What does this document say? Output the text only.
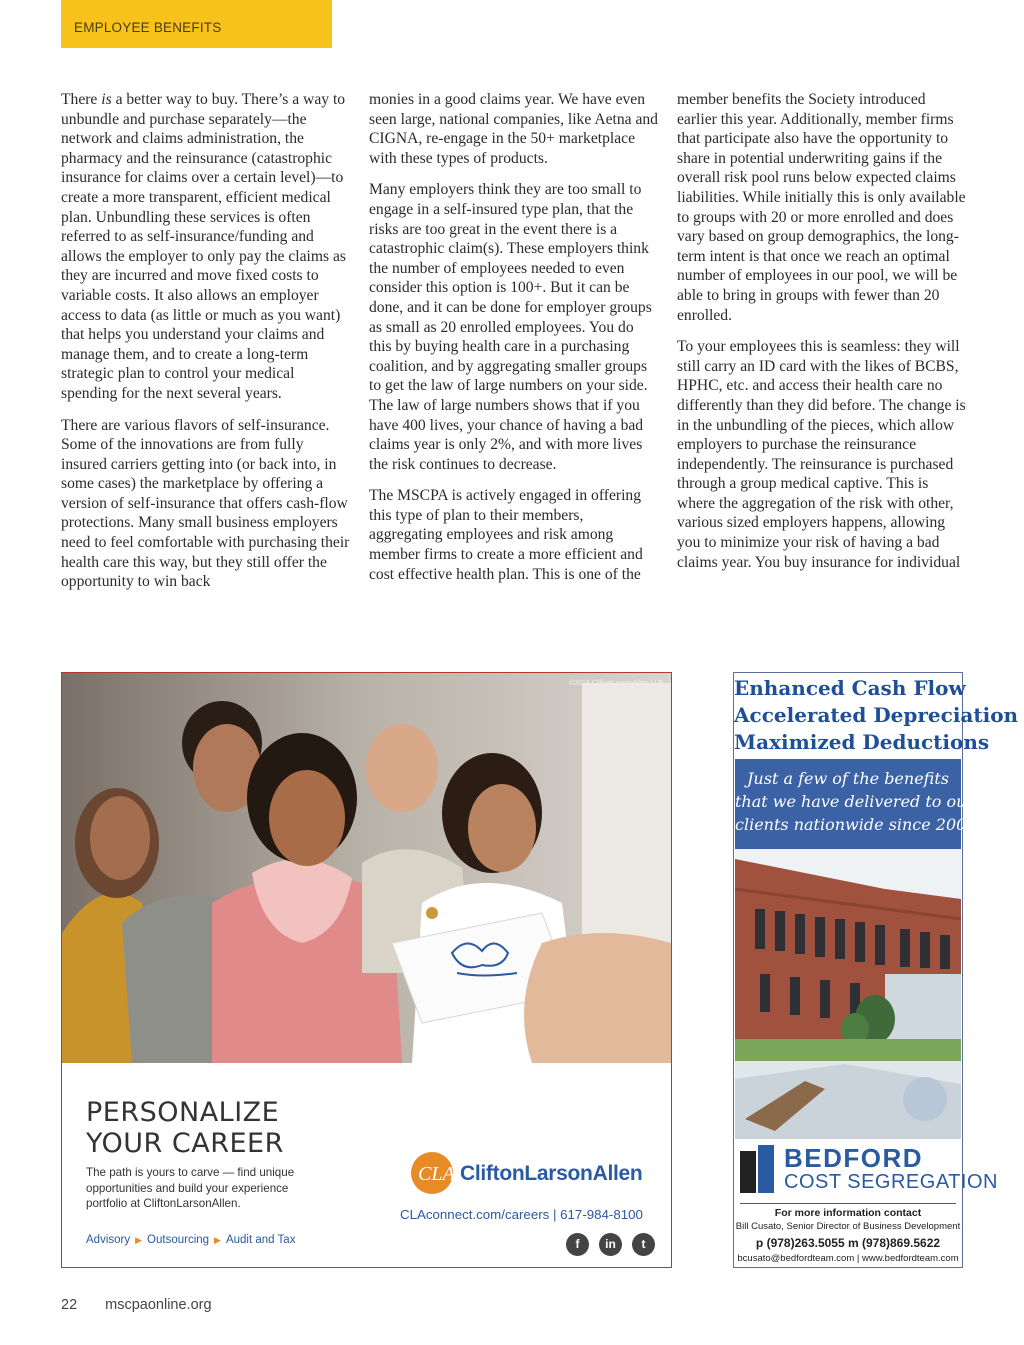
EMPLOYEE BENEFITS

There is a better way to buy. There’s a way to unbundle and purchase separately—the network and claims administration, the pharmacy and the reinsurance (catastrophic insurance for claims over a certain level)—to create a more transparent, efficient medical plan. Unbundling these services is often referred to as self-insurance/funding and allows the employer to only pay the claims as they are incurred and move fixed costs to variable costs. It also allows an employer access to data (as little or much as you want) that helps you understand your claims and manage them, and to create a long-term strategic plan to control your medical spending for the next several years.

There are various flavors of self-insurance. Some of the innovations are from fully insured carriers getting into (or back into, in some cases) the marketplace by offering a version of self-insurance that offers cash-flow protections. Many small business employers need to feel comfortable with purchasing their health care this way, but they still offer the opportunity to win back

monies in a good claims year. We have even seen large, national companies, like Aetna and CIGNA, re-engage in the 50+ marketplace with these types of products.

Many employers think they are too small to engage in a self-insured type plan, that the risks are too great in the event there is a catastrophic claim(s). These employers think the number of employees needed to even consider this option is 100+. But it can be done, and it can be done for employer groups as small as 20 enrolled employees. You do this by buying health care in a purchasing coalition, and by aggregating smaller groups to get the law of large numbers on your side. The law of large numbers shows that if you have 400 lives, your chance of having a bad claims year is only 2%, and with more lives the risk continues to decrease.

The MSCPA is actively engaged in offering this type of plan to their members, aggregating employees and risk among member firms to create a more efficient and cost effective health plan. This is one of the

member benefits the Society introduced earlier this year. Additionally, member firms that participate also have the opportunity to share in potential underwriting gains if the overall risk pool runs below expected claims liabilities. While initially this is only available to groups with 20 or more enrolled and does vary based on group demographics, the long-term intent is that once we reach an optimal number of employees in our pool, we will be able to bring in groups with fewer than 20 enrolled.

To your employees this is seamless: they will still carry an ID card with the likes of BCBS, HPHC, etc. and access their health care no differently than they did before. The change is in the unbundling of the pieces, which allow employers to purchase the reinsurance independently. The reinsurance is purchased through a group medical captive. This is where the aggregation of the risk with other, various sized employers happens, allowing you to minimize your risk of having a bad claims year. You buy insurance for individual

©2015 CliftonLarsonAllen LLP
PERSONALIZE
YOUR CAREER
The path is yours to carve — find unique opportunities and build your experience portfolio at CliftonLarsonAllen.
Advisory ▶ Outsourcing ▶ Audit and Tax
CLA CliftonLarsonAllen
CLAconnect.com/careers | 617-984-8100
f	in	t
Enhanced Cash Flow
Accelerated Depreciation
Maximized Deductions
Just a few of the benefits
that we have delivered to our
clients nationwide since 2002.
BEDFORD
COST SEGREGATION
For more information contact
Bill Cusato, Senior Director of Business Development
p (978)263.5055 m (978)869.5622
bcusato@bedfordteam.com | www.bedfordteam.com
22 mscpaonline.org
